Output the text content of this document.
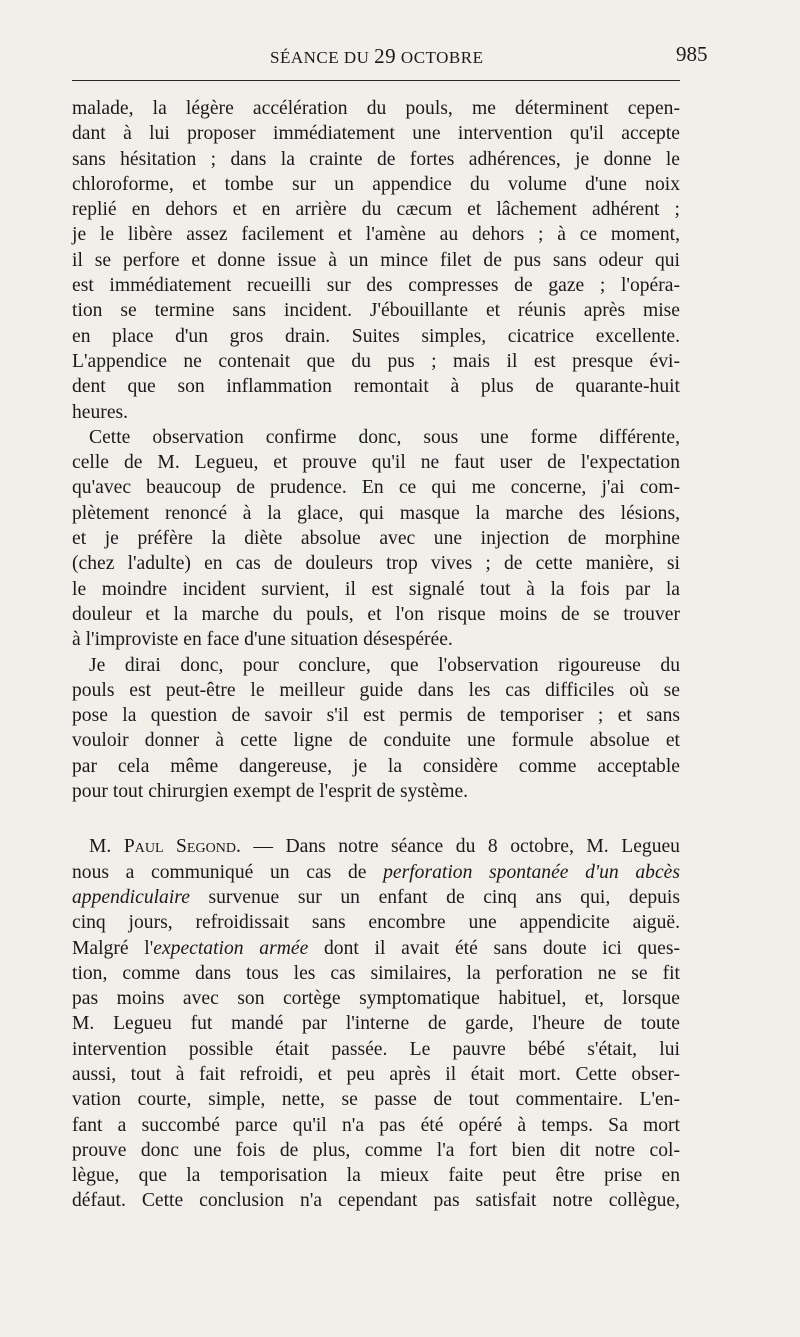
SÉANCE DU 29 OCTOBRE	985

malade, la légère accélération du pouls, me déterminent cepen-
dant à lui proposer immédiatement une intervention qu'il accepte
sans hésitation ; dans la crainte de fortes adhérences, je donne le
chloroforme, et tombe sur un appendice du volume d'une noix
replié en dehors et en arrière du cæcum et lâchement adhérent ;
je le libère assez facilement et l'amène au dehors ; à ce moment,
il se perfore et donne issue à un mince filet de pus sans odeur qui
est immédiatement recueilli sur des compresses de gaze ; l'opéra-
tion se termine sans incident. J'ébouillante et réunis après mise
en place d'un gros drain. Suites simples, cicatrice excellente.
L'appendice ne contenait que du pus ; mais il est presque évi-
dent que son inflammation remontait à plus de quarante-huit
heures.

Cette observation confirme donc, sous une forme différente,
celle de M. Legueu, et prouve qu'il ne faut user de l'expectation
qu'avec beaucoup de prudence. En ce qui me concerne, j'ai com-
plètement renoncé à la glace, qui masque la marche des lésions,
et je préfère la diète absolue avec une injection de morphine
(chez l'adulte) en cas de douleurs trop vives ; de cette manière, si
le moindre incident survient, il est signalé tout à la fois par la
douleur et la marche du pouls, et l'on risque moins de se trouver
à l'improviste en face d'une situation désespérée.

Je dirai donc, pour conclure, que l'observation rigoureuse du
pouls est peut-être le meilleur guide dans les cas difficiles où se
pose la question de savoir s'il est permis de temporiser ; et sans
vouloir donner à cette ligne de conduite une formule absolue et
par cela même dangereuse, je la considère comme acceptable
pour tout chirurgien exempt de l'esprit de système.

M. Paul Segond. — Dans notre séance du 8 octobre, M. Legueu
nous a communiqué un cas de perforation spontanée d'un abcès
appendiculaire survenue sur un enfant de cinq ans qui, depuis
cinq jours, refroidissait sans encombre une appendicite aiguë.
Malgré l'expectation armée dont il avait été sans doute ici ques-
tion, comme dans tous les cas similaires, la perforation ne se fit
pas moins avec son cortège symptomatique habituel, et, lorsque
M. Legueu fut mandé par l'interne de garde, l'heure de toute
intervention possible était passée. Le pauvre bébé s'était, lui
aussi, tout à fait refroidi, et peu après il était mort. Cette obser-
vation courte, simple, nette, se passe de tout commentaire. L'en-
fant a succombé parce qu'il n'a pas été opéré à temps. Sa mort
prouve donc une fois de plus, comme l'a fort bien dit notre col-
lègue, que la temporisation la mieux faite peut être prise en
défaut. Cette conclusion n'a cependant pas satisfait notre collègue,
